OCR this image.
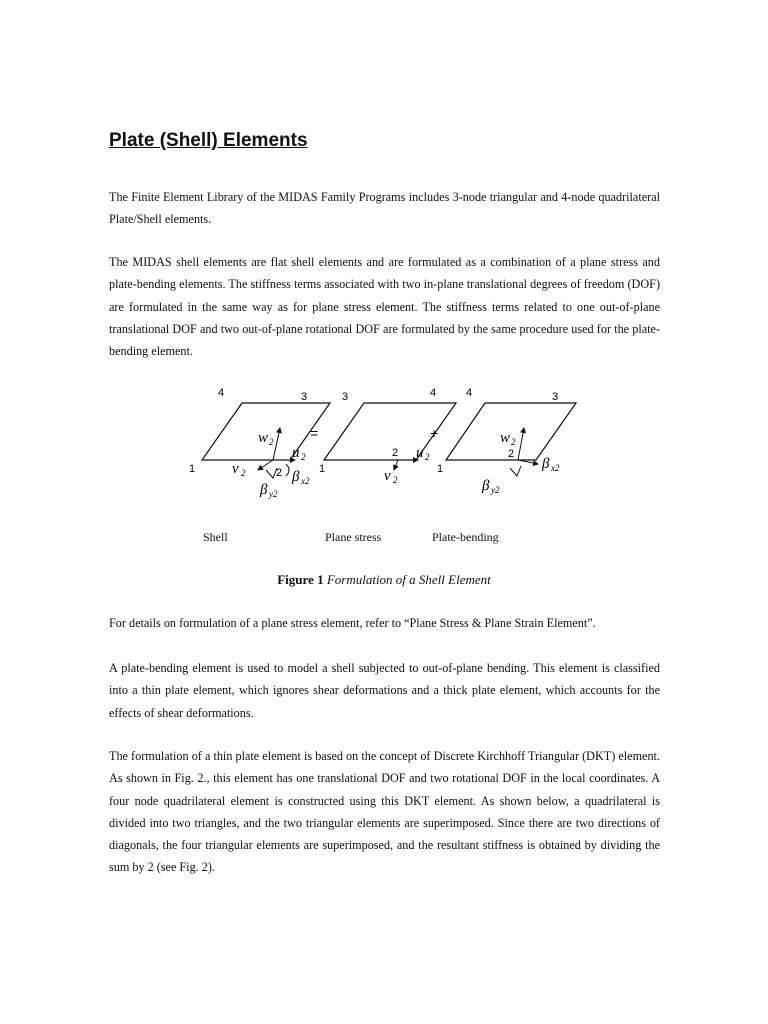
Plate (Shell) Elements

The Finite Element Library of the MIDAS Family Programs includes 3-node triangular and 4-node quadrilateral Plate/Shell elements.

The MIDAS shell elements are flat shell elements and are formulated as a combination of a plane stress and plate-bending elements. The stiffness terms associated with two in-plane translational degrees of freedom (DOF) are formulated in the same way as for plane stress element. The stiffness terms related to one out-of-plane translational DOF and two out-of-plane rotational DOF are formulated by the same procedure used for the plate-bending element.

4	3
1	2
w 2
u 2
v 2	β x2
β y2
=
3	4
1
2 u 2
v 2
+
4	3
1
2
w 2
β x2
β y2
Shell	Plane stress	Plate-bending
Figure 1 Formulation of a Shell Element

For details on formulation of a plane stress element, refer to “Plane Stress & Plane Strain Element”.

A plate-bending element is used to model a shell subjected to out-of-plane bending. This element is classified into a thin plate element, which ignores shear deformations and a thick plate element, which accounts for the effects of shear deformations.

The formulation of a thin plate element is based on the concept of Discrete Kirchhoff Triangular (DKT) element. As shown in Fig. 2., this element has one translational DOF and two rotational DOF in the local coordinates. A four node quadrilateral element is constructed using this DKT element. As shown below, a quadrilateral is divided into two triangles, and the two triangular elements are superimposed. Since there are two directions of diagonals, the four triangular elements are superimposed, and the resultant stiffness is obtained by dividing the sum by 2 (see Fig. 2).
